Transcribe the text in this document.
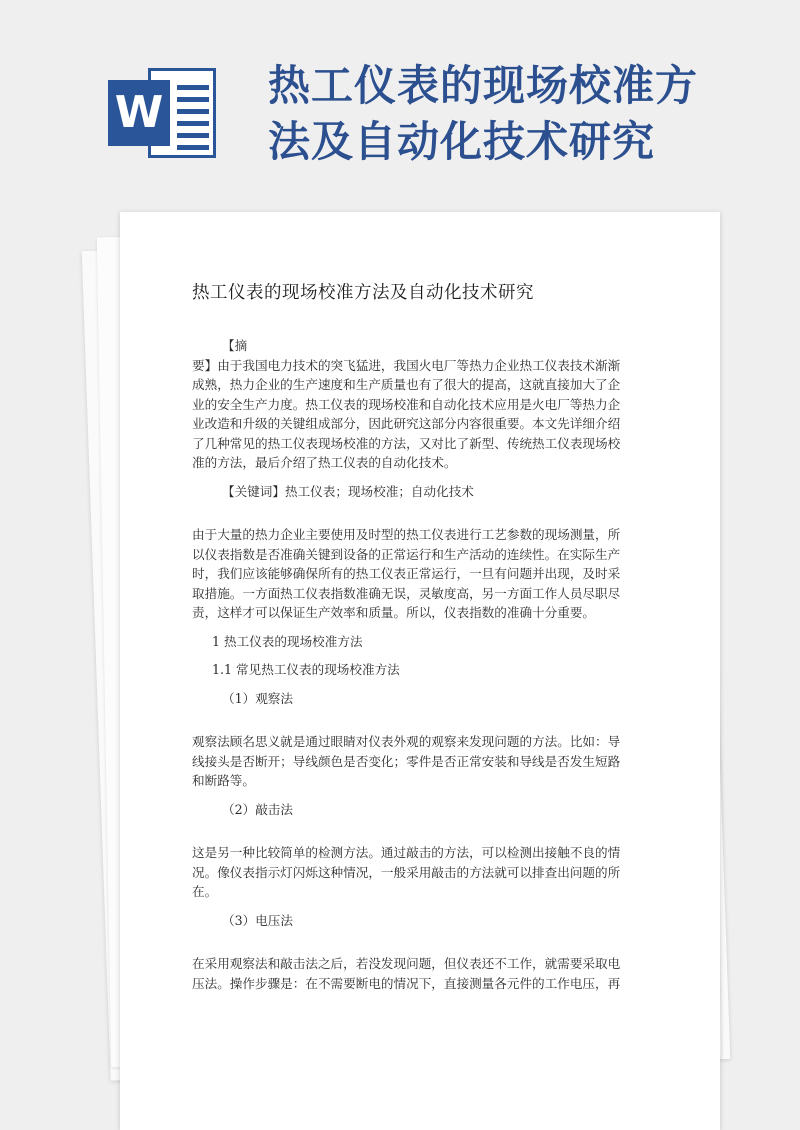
W
热工仪表的现场校准方法及自动化技术研究
热工仪表的现场校准方法及自动化技术研究

【摘

要】由于我国电力技术的突飞猛进，我国火电厂等热力企业热工仪表技术渐渐

成熟，热力企业的生产速度和生产质量也有了很大的提高，这就直接加大了企

业的安全生产力度。热工仪表的现场校准和自动化技术应用是火电厂等热力企

业改造和升级的关键组成部分，因此研究这部分内容很重要。本文先详细介绍

了几种常见的热工仪表现场校准的方法，又对比了新型、传统热工仪表现场校

准的方法，最后介绍了热工仪表的自动化技术。

【关键词】热工仪表；现场校准；自动化技术

由于大量的热力企业主要使用及时型的热工仪表进行工艺参数的现场测量，所

以仪表指数是否准确关键到设备的正常运行和生产活动的连续性。在实际生产

时，我们应该能够确保所有的热工仪表正常运行，一旦有问题并出现，及时采

取措施。一方面热工仪表指数准确无误，灵敏度高，另一方面工作人员尽职尽

责，这样才可以保证生产效率和质量。所以，仪表指数的准确十分重要。

1 热工仪表的现场校准方法

1.1 常见热工仪表的现场校准方法

（1）观察法

观察法顾名思义就是通过眼睛对仪表外观的观察来发现问题的方法。比如：导

线接头是否断开；导线颜色是否变化；零件是否正常安装和导线是否发生短路

和断路等。

（2）敲击法

这是另一种比较简单的检测方法。通过敲击的方法，可以检测出接触不良的情

况。像仪表指示灯闪烁这种情况，一般采用敲击的方法就可以排查出问题的所

在。

（3）电压法

在采用观察法和敲击法之后，若没发现问题，但仪表还不工作，就需要采取电

压法。操作步骤是：在不需要断电的情况下，直接测量各元件的工作电压，再
